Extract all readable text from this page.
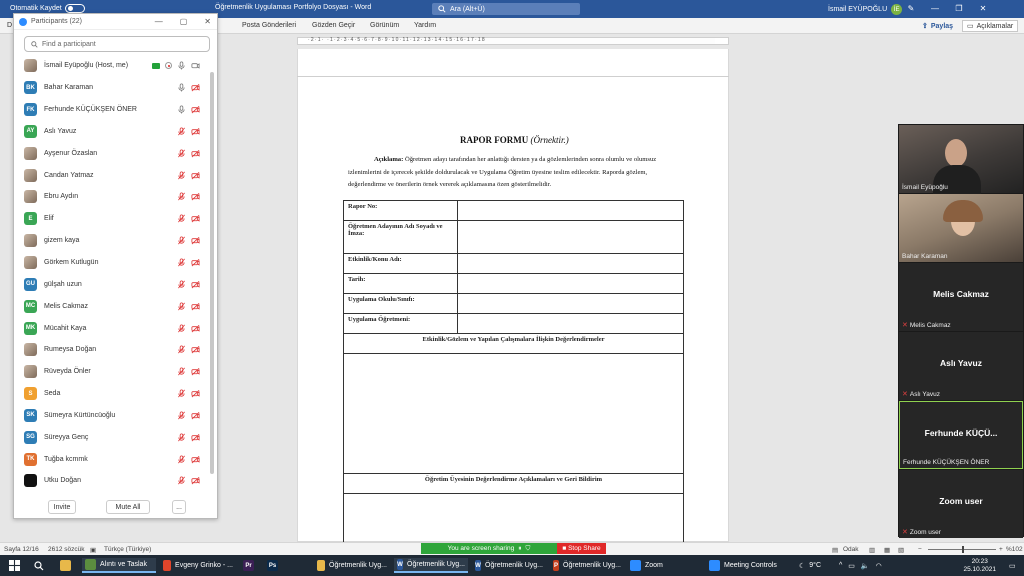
Otomatik Kaydet	Öğretmenlik Uygulaması Portfolyo Dosyası - Word	Ara (Alt+Ü)	İsmail EYÜPOĞLU	İE	✎ — ❐ ✕
D	Posta Gönderileri Gözden Geçir Görünüm Yardım	⇪ Paylaş ▭ Açıklamalar
·2·1· ·1·2·3·4·5·6·7·8·9·10·11·12·13·14·15·16·17·18
RAPOR FORMU (Örnektir.)
Açıklama: Öğretmen adayı tarafından her anlattığı dersten ya da gözlemlerinden sonra olumlu ve olumsuz izlenimlerini de içerecek şekilde doldurulacak ve Uygulama Öğretim üyesine teslim edilecektir. Raporda gözlem, değerlendirme ve önerilerin örnek vererek açıklamasına özen gösterilmelidir.
Rapor No:	
Öğretmen Adayının Adı Soyadı ve İmza:	
Etkinlik/Konu Adı:	
Tarih:	
Uygulama Okulu/Sınıfı:	
Uygulama Öğretmeni:	
Etkinlik/Gözlem ve Yapılan Çalışmalara İlişkin Değerlendirmeler	

Öğretim Üyesinin Değerlendirme Açıklamaları ve Geri Bildirim	

Participants (22)	— ▢ ✕
Find a participant
İsmail Eyüpoğlu (Host, me)
BK	Bahar Karaman
FK	Ferhunde KÜÇÜKŞEN ÖNER
AY	Aslı Yavuz
Ayşenur Özaslan
Candan Yatmaz
Ebru Aydın
E	Elif
gizem kaya
Görkem Kutlugün
GU gülşah uzun
MC Melis Cakmaz
MK Mücahit Kaya
Rumeysa Doğan
Rüveyda Önler
S	Seda
SK	Sümeyra Kürtüncüoğlu
SG	Süreyya Genç
TK	Tuğba kcmmk
Utku Doğan
Invite	Mute All	...
İsmail Eyüpoğlu
Bahar Karaman
Melis Cakmaz
✕ Melis Cakmaz
Aslı Yavuz
✕ Aslı Yavuz
Ferhunde KÜÇÜ...
Ferhunde KÜÇÜKŞEN ÖNER
Zoom user
✕ Zoom user
Sayfa 12/16 2612 sözcük ▣ Türkçe (Türkiye)	▤ Odak ▥ ▦ ▧ −	+ %102
You are screen sharing ⏸ ⛉	■ Stop Share
Alıntı ve Taslak	Evgeny Grinko - ...	Pr	Ps	Öğretmenlik Uyg... W Öğretmenlik Uyg... W Öğretmenlik Uyg... P Öğretmenlik Uyg...	Zoom	Meeting Controls	☾ 9°C	^ ▭ 🔈 ◠
20:23
25.10.2021	▭
